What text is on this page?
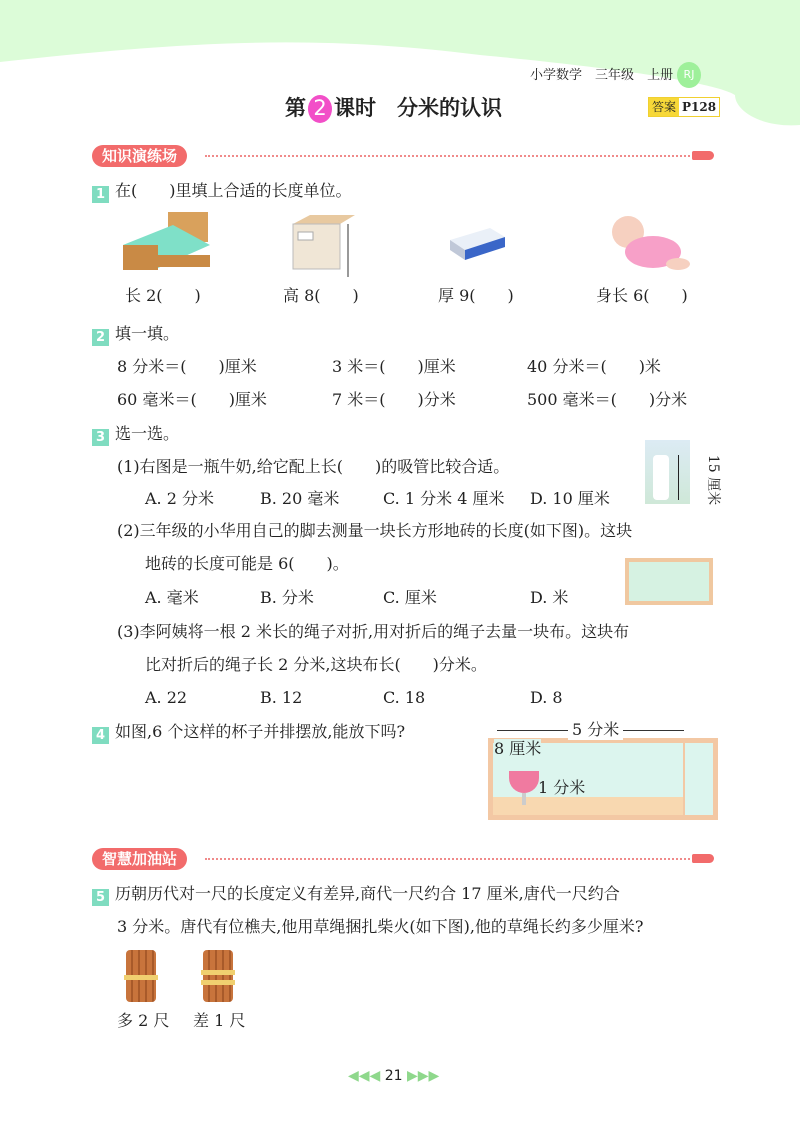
小学数学　 三年级　 上册 RJ
第 2 课时　 分米的认识	答案 P128
知识演练场
1 在(　　)里填上合适的长度单位。
长 2(　　)	高 8(　　)	厚 9(　　)	身长 6(　　)
2 填一填。
8 分米＝(　　)厘米	3 米＝(　　)厘米	40 分米＝(　　)米
60 毫米＝(　　)厘米	7 米＝(　　)分米	500 毫米＝(　　)分米
3 选一选。
(1)右图是一瓶牛奶,给它配上长(　　)的吸管比较合适。
A. 2 分米	B. 20 毫米	C. 1 分米 4 厘米 D. 10 厘米	15 厘米
(2)三年级的小华用自己的脚去测量一块长方形地砖的长度(如下图)。这块
地砖的长度可能是 6(　　)。
A. 毫米	B. 分米	C. 厘米	D. 米
(3)李阿姨将一根 2 米长的绳子对折,用对折后的绳子去量一块布。这块布
比对折后的绳子长 2 分米,这块布长(　　)分米。
A. 22	B. 12	C. 18	D. 8
4 如图,6 个这样的杯子并排摆放,能放下吗?	5 分米
8 厘米
1 分米
智慧加油站
5 历朝历代对一尺的长度定义有差异,商代一尺约合 17 厘米,唐代一尺约合
3 分米。唐代有位樵夫,他用草绳捆扎柴火(如下图),他的草绳长约多少厘米?
多 2 尺 差 1 尺
◀◀◀ 21 ▶▶▶
